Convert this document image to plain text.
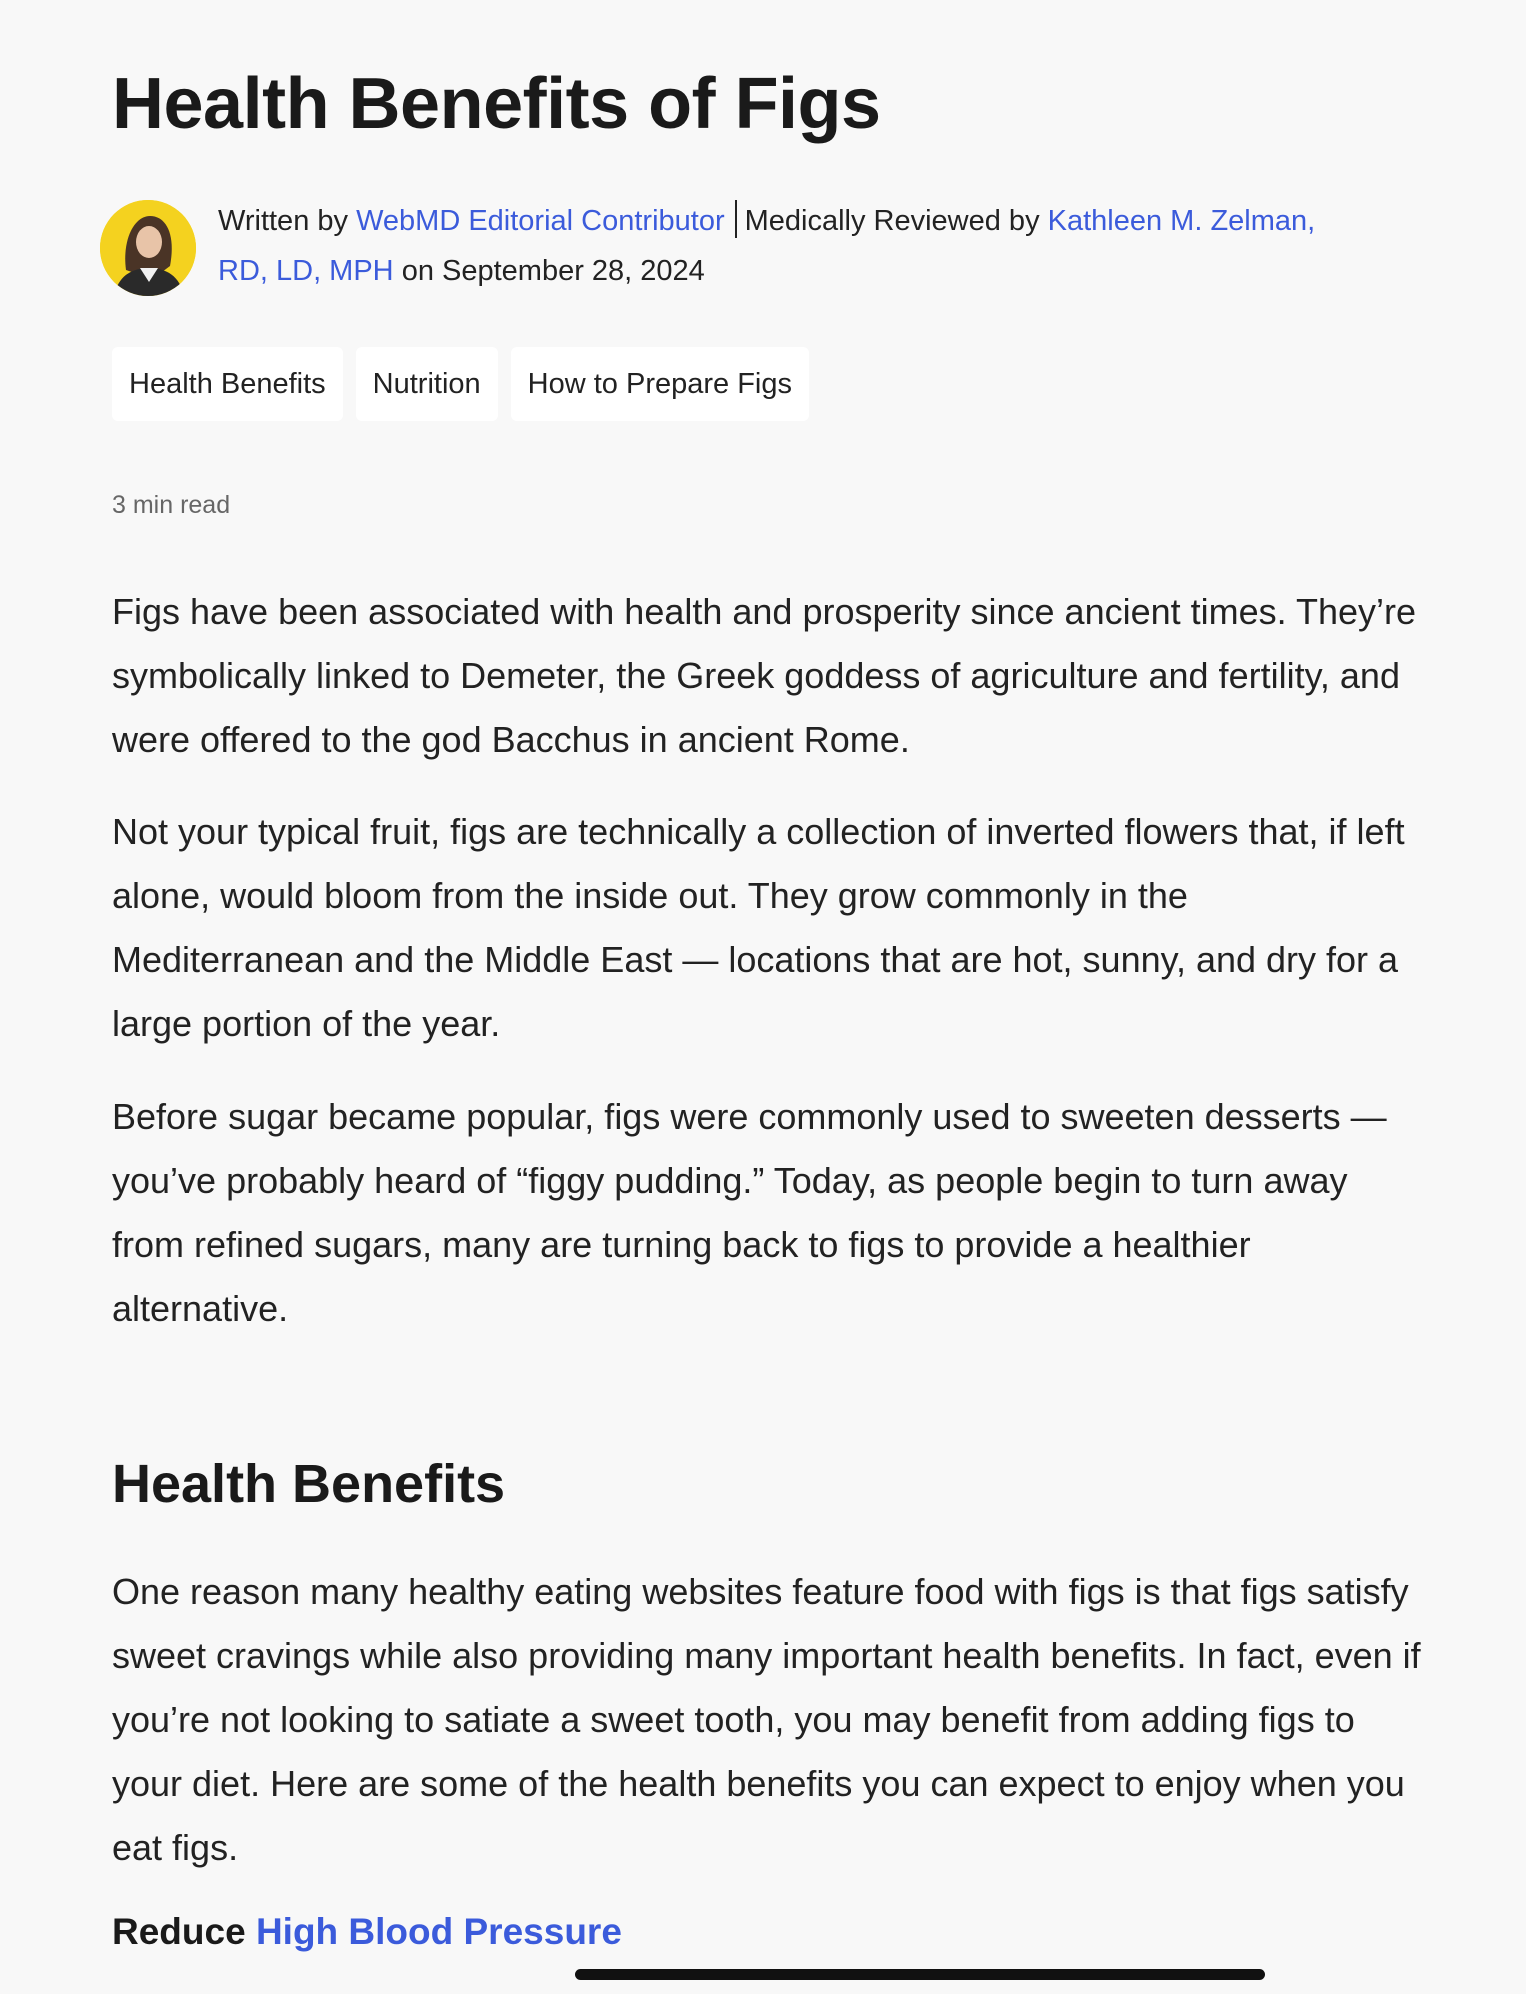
Health Benefits of Figs
Written by WebMD Editorial Contributor Medically Reviewed by Kathleen M. Zelman, RD, LD, MPH on September 28, 2024
Health Benefits	Nutrition	How to Prepare Figs
3 min read

Figs have been associated with health and prosperity since ancient times. They’re symbolically linked to Demeter, the Greek goddess of agriculture and fertility, and were offered to the god Bacchus in ancient Rome.

Not your typical fruit, figs are technically a collection of inverted flowers that, if left alone, would bloom from the inside out. They grow commonly in the Mediterranean and the Middle East — locations that are hot, sunny, and dry for a large portion of the year.

Before sugar became popular, figs were commonly used to sweeten desserts — you’ve probably heard of “figgy pudding.” Today, as people begin to turn away from refined sugars, many are turning back to figs to provide a healthier alternative.

Health Benefits

One reason many healthy eating websites feature food with figs is that figs satisfy sweet cravings while also providing many important health benefits. In fact, even if you’re not looking to satiate a sweet tooth, you may benefit from adding figs to your diet. Here are some of the health benefits you can expect to enjoy when you eat figs.

Reduce High Blood Pressure
